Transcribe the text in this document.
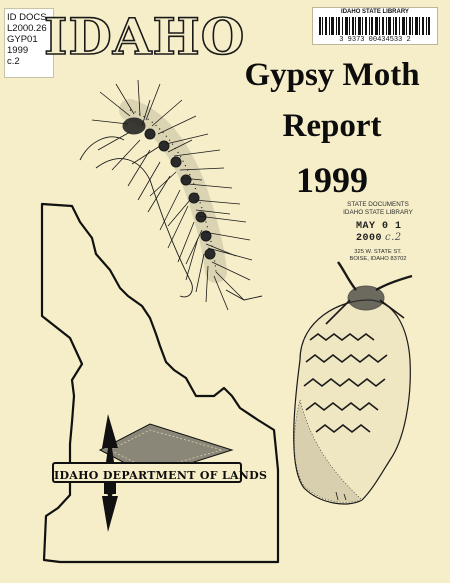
ID DOCS
L2000.26
GYP01
1999
c.2
IDAHO STATE LIBRARY
3 9373 00434533 2
IDAHO
Gypsy Moth
Report
1999
STATE DOCUMENTS
IDAHO STATE LIBRARY
MAY 0 1 2000 c.2
325 W. STATE ST.
BOISE, IDAHO 83702
IDAHO DEPARTMENT OF LANDS
